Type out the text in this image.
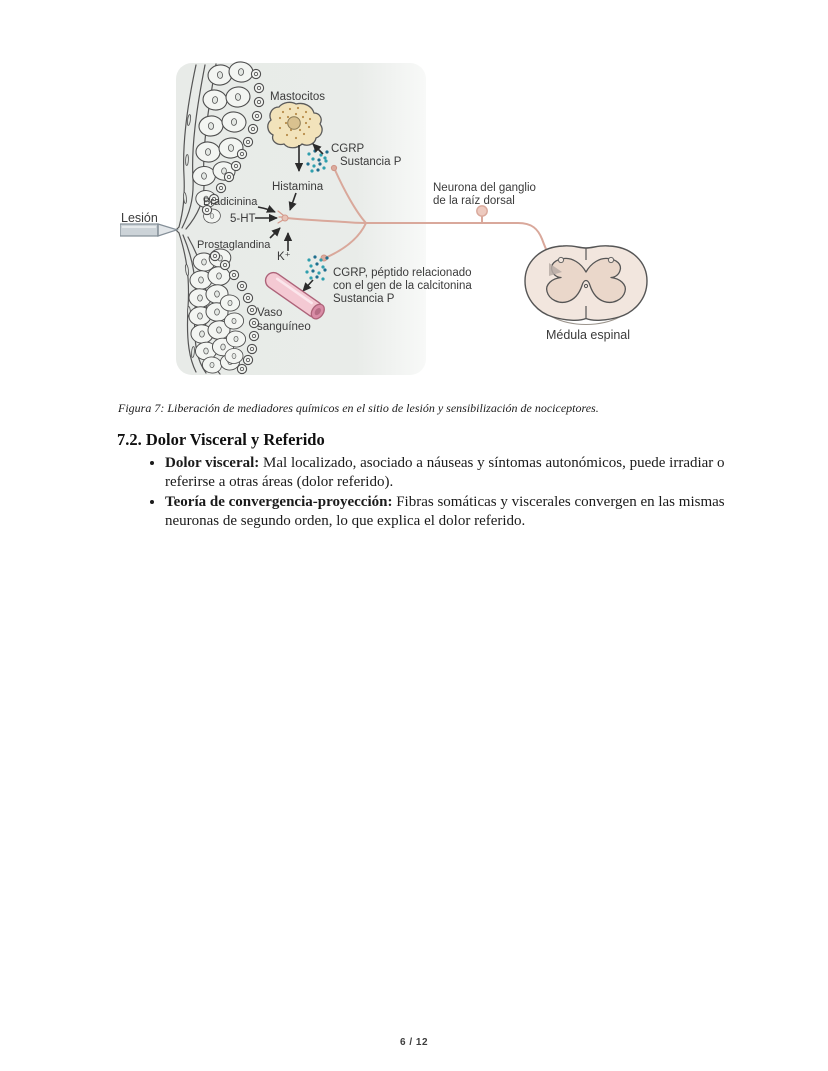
Lesión
Mastocitos
CGRP
Sustancia P
Histamina
Bradicinina
5-HT
Prostaglandina
K⁺
CGRP, péptido relacionado
con el gen de la calcitonina
Sustancia P
Vaso
sanguíneo
Neurona del ganglio
de la raíz dorsal
Médula espinal
Figura 7: Liberación de mediadores químicos en el sitio de lesión y sensibilización de nociceptores.
7.2. Dolor Visceral y Referido
• Dolor visceral: Mal localizado, asociado a náuseas y síntomas autonómicos, puede irradiar o referirse a otras áreas (dolor referido).
• Teoría de convergencia-proyección: Fibras somáticas y viscerales convergen en las mismas neuronas de segundo orden, lo que explica el dolor referido.
6 / 12
